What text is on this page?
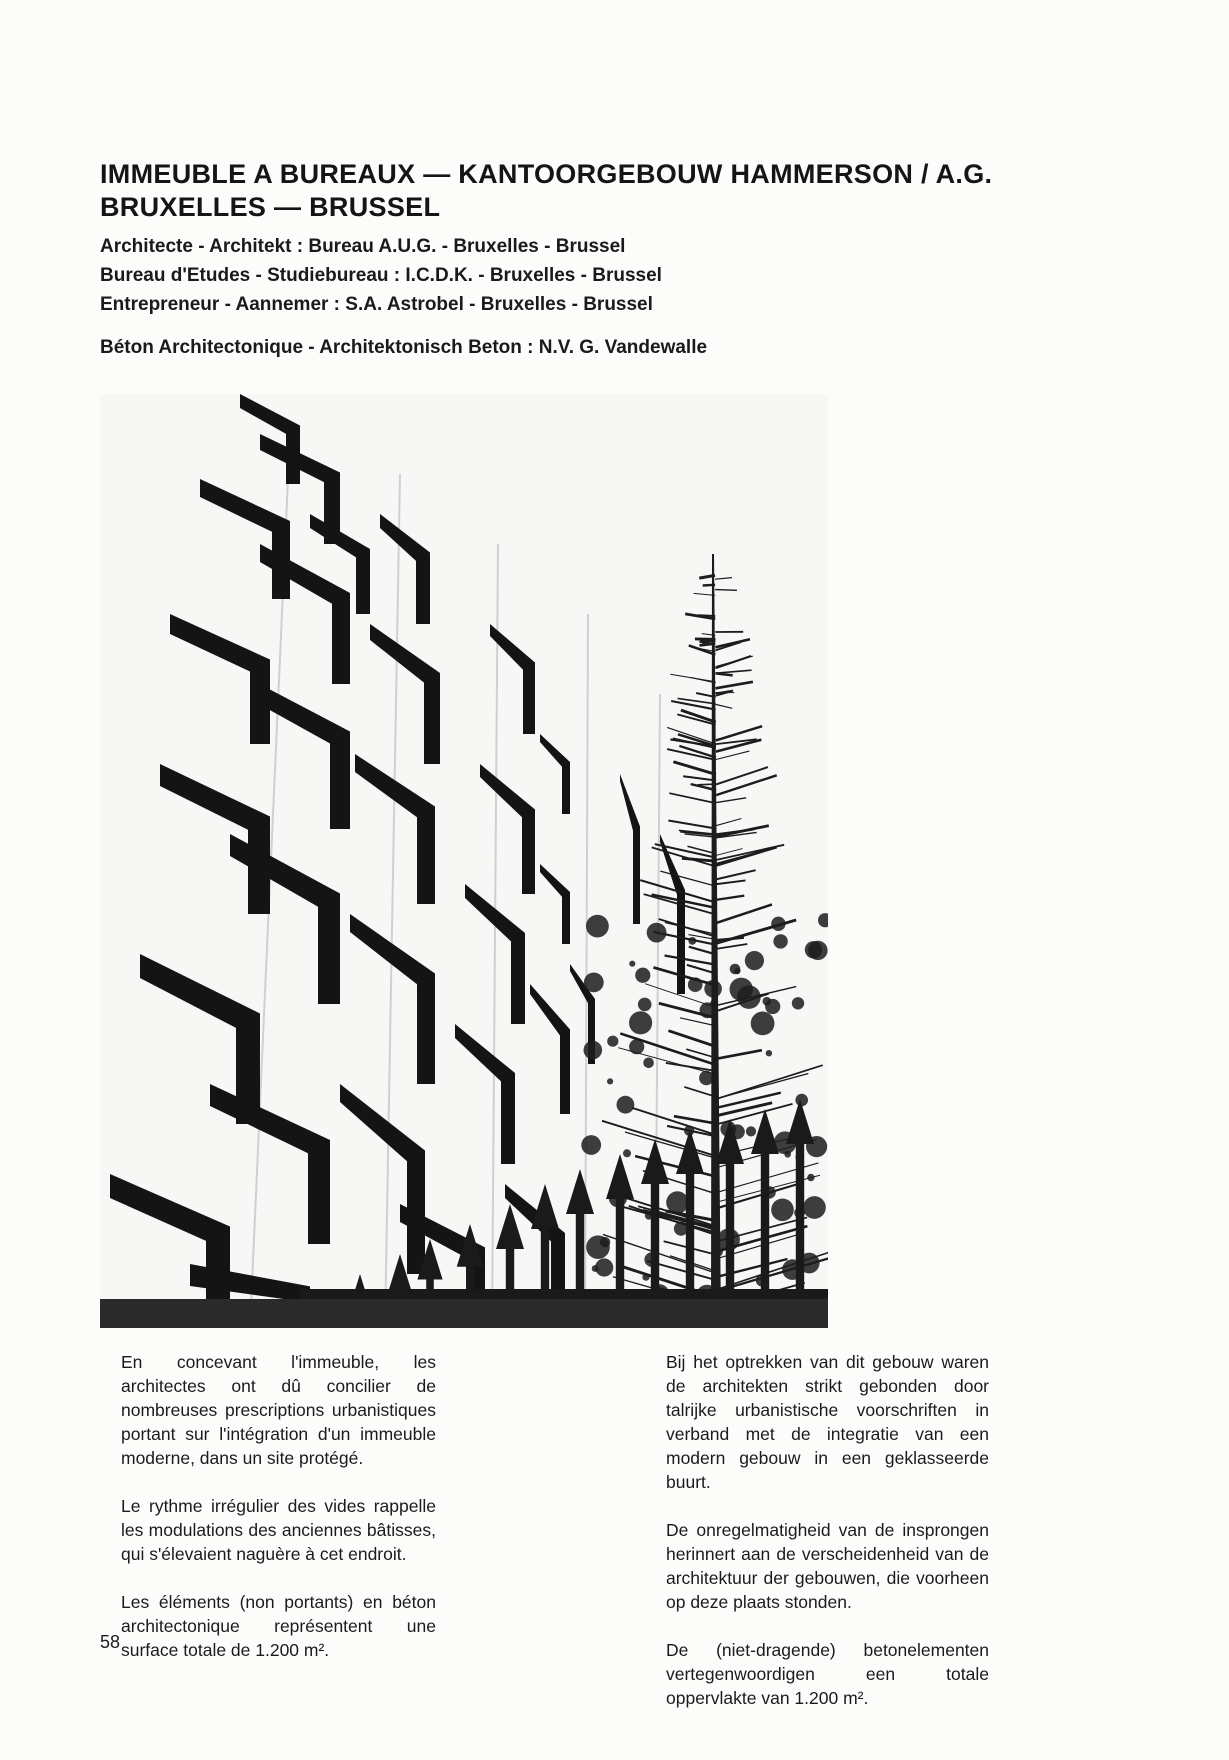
IMMEUBLE A BUREAUX — KANTOORGEBOUW HAMMERSON / A.G.
BRUXELLES — BRUSSEL
Architecte - Architekt : Bureau A.U.G. - Bruxelles - Brussel
Bureau d'Etudes - Studiebureau : I.C.D.K. - Bruxelles - Brussel
Entrepreneur - Aannemer : S.A. Astrobel - Bruxelles - Brussel
Béton Architectonique - Architektonisch Beton : N.V. G. Vandewalle

En concevant l'immeuble, les architectes ont dû concilier de nombreuses prescriptions urbanistiques portant sur l'intégration d'un immeuble moderne, dans un site protégé.

Le rythme irrégulier des vides rappelle les modulations des anciennes bâtisses, qui s'élevaient naguère à cet endroit.

Les éléments (non portants) en béton architectonique représentent une surface totale de 1.200 m².

Bij het optrekken van dit gebouw waren de architekten strikt gebonden door talrijke urbanistische voorschriften in verband met de integratie van een modern gebouw in een geklasseerde buurt.

De onregelmatigheid van de insprongen herinnert aan de verscheidenheid van de architektuur der gebouwen, die voorheen op deze plaats stonden.

De (niet-dragende) betonelementen vertegenwoordigen een totale oppervlakte van 1.200 m².

58
